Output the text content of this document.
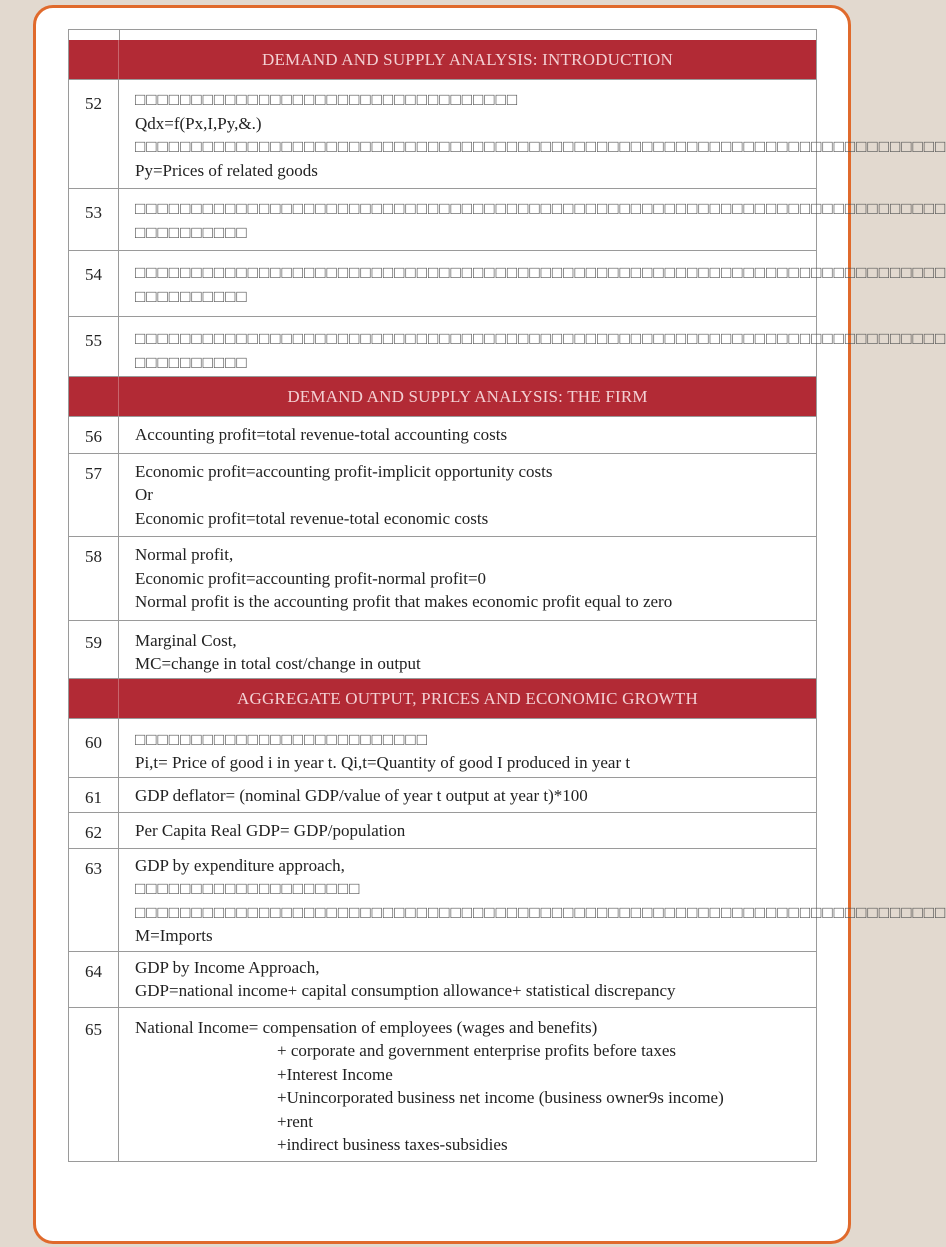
DEMAND AND SUPPLY ANALYSIS: INTRODUCTION
52	□□□□□□□□□□□□□□□□□□□□□□□□□□□□□□□□□□
Qdx=f(Px,I,Py,&.)
□□□□□□□□□□□□□□□□□□□□□□□□□□□□□□□□□□□□□□□□□□□□□□□□□□□□□□□□□□□□□□□□□□□□□□□□
Py=Prices of related goods
53	□□□□□□□□□□□□□□□□□□□□□□□□□□□□□□□□□□□□□□□□□□□□□□□□□□□□□□□□□□□□□□□□□□□□□□□□
□□□□□□□□□□
54	□□□□□□□□□□□□□□□□□□□□□□□□□□□□□□□□□□□□□□□□□□□□□□□□□□□□□□□□□□□□□□□□□□□□□□□□
□□□□□□□□□□
55	□□□□□□□□□□□□□□□□□□□□□□□□□□□□□□□□□□□□□□□□□□□□□□□□□□□□□□□□□□□□□□□□□□□□□□□□
□□□□□□□□□□
DEMAND AND SUPPLY ANALYSIS: THE FIRM
56	Accounting profit=total revenue-total accounting costs
57	Economic profit=accounting profit-implicit opportunity costs
Or
Economic profit=total revenue-total economic costs
58	Normal profit,
Economic profit=accounting profit-normal profit=0
Normal profit is the accounting profit that makes economic profit equal to zero
59	Marginal Cost,
MC=change in total cost/change in output
AGGREGATE OUTPUT, PRICES AND ECONOMIC GROWTH
60	□□□□□□□□□□□□□□□□□□□□□□□□□□
Pi,t= Price of good i in year t. Qi,t=Quantity of good I produced in year t
61	GDP deflator= (nominal GDP/value of year t output at year t)*100
62	Per Capita Real GDP= GDP/population
63	GDP by expenditure approach,
□□□□□□□□□□□□□□□□□□□□
□□□□□□□□□□□□□□□□□□□□□□□□□□□□□□□□□□□□□□□□□□□□□□□□□□□□□□□□□□□□□□□□□□□□□□□□
M=Imports
64	GDP by Income Approach,
GDP=national income+ capital consumption allowance+ statistical discrepancy
65	National Income= compensation of employees (wages and benefits)
+ corporate and government enterprise profits before taxes
+Interest Income
+Unincorporated business net income (business owner9s income)
+rent
+indirect business taxes-subsidies
